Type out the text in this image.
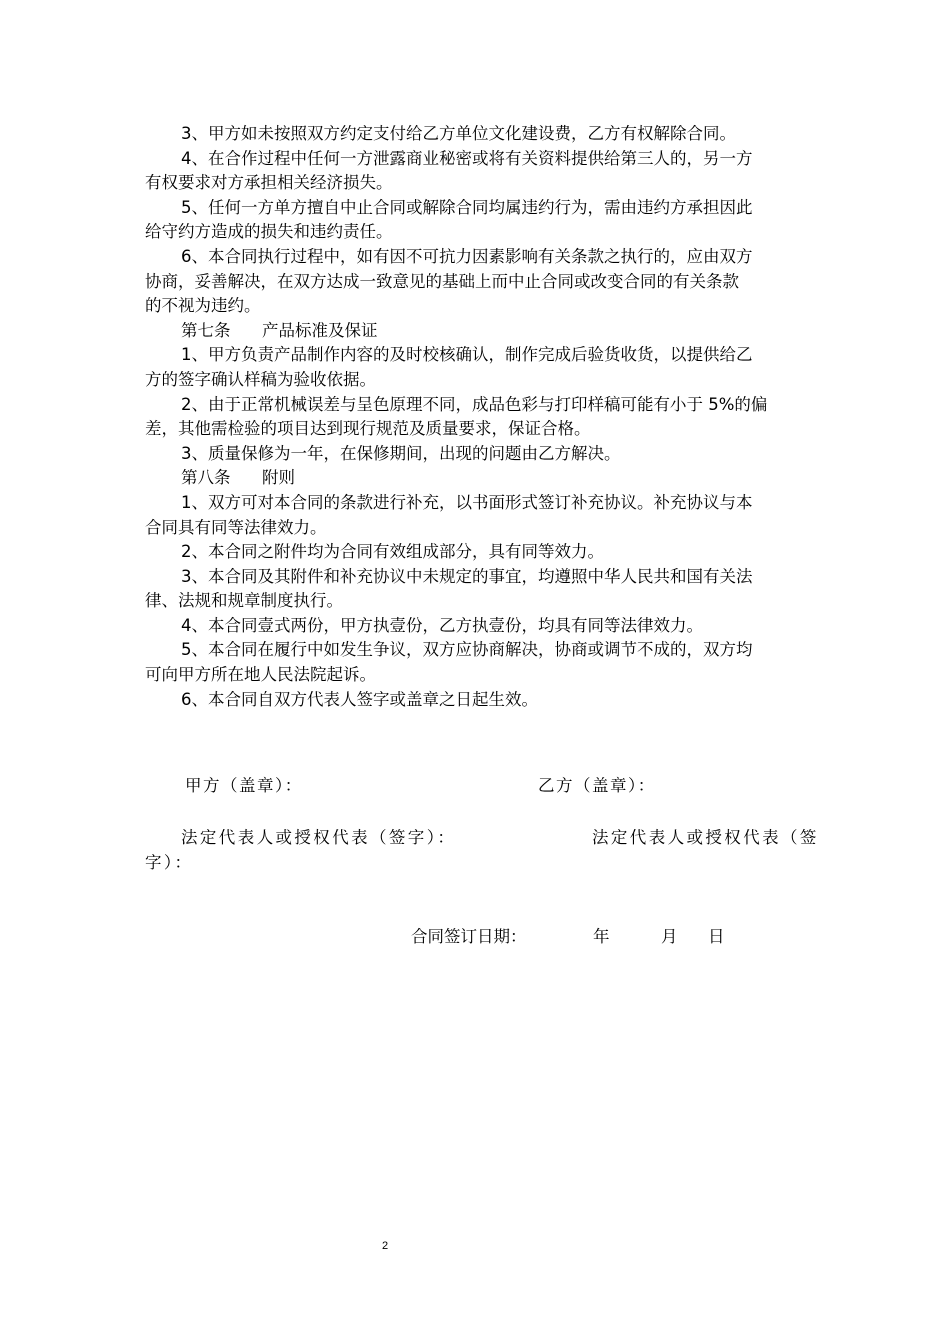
3、甲方如未按照双方约定支付给乙方单位文化建设费，乙方有权解除合同。

4、在合作过程中任何一方泄露商业秘密或将有关资料提供给第三人的，另一方
有权要求对方承担相关经济损失。

5、任何一方单方擅自中止合同或解除合同均属违约行为，需由违约方承担因此
给守约方造成的损失和违约责任。

6、本合同执行过程中，如有因不可抗力因素影响有关条款之执行的，应由双方
协商，妥善解决，在双方达成一致意见的基础上而中止合同或改变合同的有关条款
的不视为违约。

第七条      产品标准及保证

1、甲方负责产品制作内容的及时校核确认，制作完成后验货收货，以提供给乙
方的签字确认样稿为验收依据。

2、由于正常机械误差与呈色原理不同，成品色彩与打印样稿可能有小于 5%的偏
差，其他需检验的项目达到现行规范及质量要求，保证合格。

3、质量保修为一年，在保修期间，出现的问题由乙方解决。

第八条      附则

1、双方可对本合同的条款进行补充，以书面形式签订补充协议。补充协议与本
合同具有同等法律效力。

2、本合同之附件均为合同有效组成部分，具有同等效力。

3、本合同及其附件和补充协议中未规定的事宜，均遵照中华人民共和国有关法
律、法规和规章制度执行。

4、本合同壹式两份，甲方执壹份，乙方执壹份，均具有同等法律效力。

5、本合同在履行中如发生争议，双方应协商解决，协商或调节不成的，双方均
可向甲方所在地人民法院起诉。

6、本合同自双方代表人签字或盖章之日起生效。

甲方（盖章）：	乙方（盖章）：
法定代表人或授权代表（签字）：	法定代表人或授权代表（签
字）：
合同签订日期：	年	月 日
2
